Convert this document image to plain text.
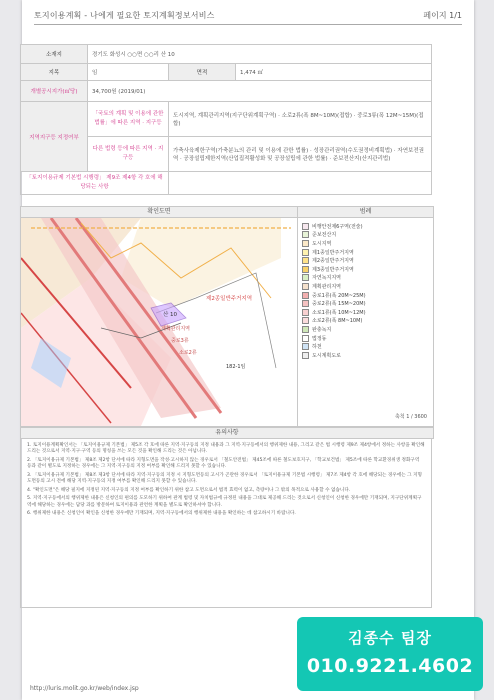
토지이용계획 - 나에게 필요한 토지계획정보서비스	페이지 1/1
소재지	경기도 화성시 ○○면 ○○리 산 10		
지목	임	면적	1,474 ㎡
개별공시지가(㎡당)	34,700원 (2019/01)		
지역지구등 지정여부	「국토의 계획 및 이용에 관한 법률」에 따른 지역 · 지구등	도시지역, 계획관리지역(지구단위계획구역) · 소로2류(폭 8M~10M)(접합) · 중로3류(폭 12M~15M)(접합)	
	다른 법령 등에 따른 지역 · 지구등	가축사육제한구역(가축분뇨의 관리 및 이용에 관한 법률) · 성장관리권역(수도권정비계획법) · 자연보전권역 · 공장설립제한지역(산업집적활성화 및 공장설립에 관한 법률) · 준보전산지(산지관리법)	
「토지이용규제 기본법 시행령」 제9조 제4항 각 호에 해당되는 사항			
확인도면	범례
산 10
제2종일반주거지역
계획관리지역
중로3류
소로2류
182-1임
비행안전제6구역(전술)
준보전산지
도시지역
제1종일반주거지역
제2종일반주거지역
제3종일반주거지역
자연녹지지역
계획관리지역
중로1류(폭 20M~25M)
중로2류(폭 15M~20M)
소로1류(폭 10M~12M)
소로2류(폭 8M~10M)
완충녹지
법정동
하천
도시계획도로
축척 1 / 3600
유의사항

1. 토지이용계획확인서는 「토지이용규제 기본법」 제5조 각 호에 따른 지역·지구등의 지정 내용과 그 지역·지구등에서의 행위제한 내용, 그리고 같은 법 시행령 제9조 제4항에서 정하는 사항을 확인해 드리는 것으로서 지역·지구·구역 등의 명칭을 쓰는 모든 것을 확인해 드리는 것은 아닙니다.

2. 「토지이용규제 기본법」 제8조 제2항 단서에 따라 지형도면을 작성·고시하지 않는 경우로서 「철도안전법」 제45조에 따른 철도보호지구, 「학교보건법」 제5조에 따른 학교환경위생 정화구역 등과 같이 별도로 지정하는 경우에는 그 지역·지구등의 지정 여부를 확인해 드리지 못할 수 있습니다.

3. 「토지이용규제 기본법」 제8조 제3항 단서에 따라 지역·지구등의 지정 시 지형도면등의 고시가 곤란한 경우로서 「토지이용규제 기본법 시행령」 제7조 제4항 각 호에 해당되는 경우에는 그 지형도면등의 고시 전에 해당 지역·지구등의 지정 여부를 확인해 드리지 못할 수 있습니다.

4. "확인도면"은 해당 필지에 지정된 지역·지구등의 지정 여부를 확인하기 위한 참고 도면으로서 법적 효력이 없고, 측량이나 그 밖의 목적으로 사용할 수 없습니다.

5. 지역·지구등에서의 행위제한 내용은 신청인의 편의를 도모하기 위하여 관계 법령 및 자치법규에 규정된 내용을 그대로 제공해 드리는 것으로서 신청인이 신청한 경우에만 기재되며, 지구단위계획구역에 해당하는 경우에는 담당 과를 방문하여 토지이용과 관련한 계획을 별도로 확인하셔야 합니다.

6. 행위제한 내용은 신청인이 확인을 신청한 경우에만 기재되며, 지역·지구등에서의 행위제한 내용을 확인하는 데 참고하시기 바랍니다.

http://luris.molit.go.kr/web/index.jsp
김종수 팀장
010.9221.4602
